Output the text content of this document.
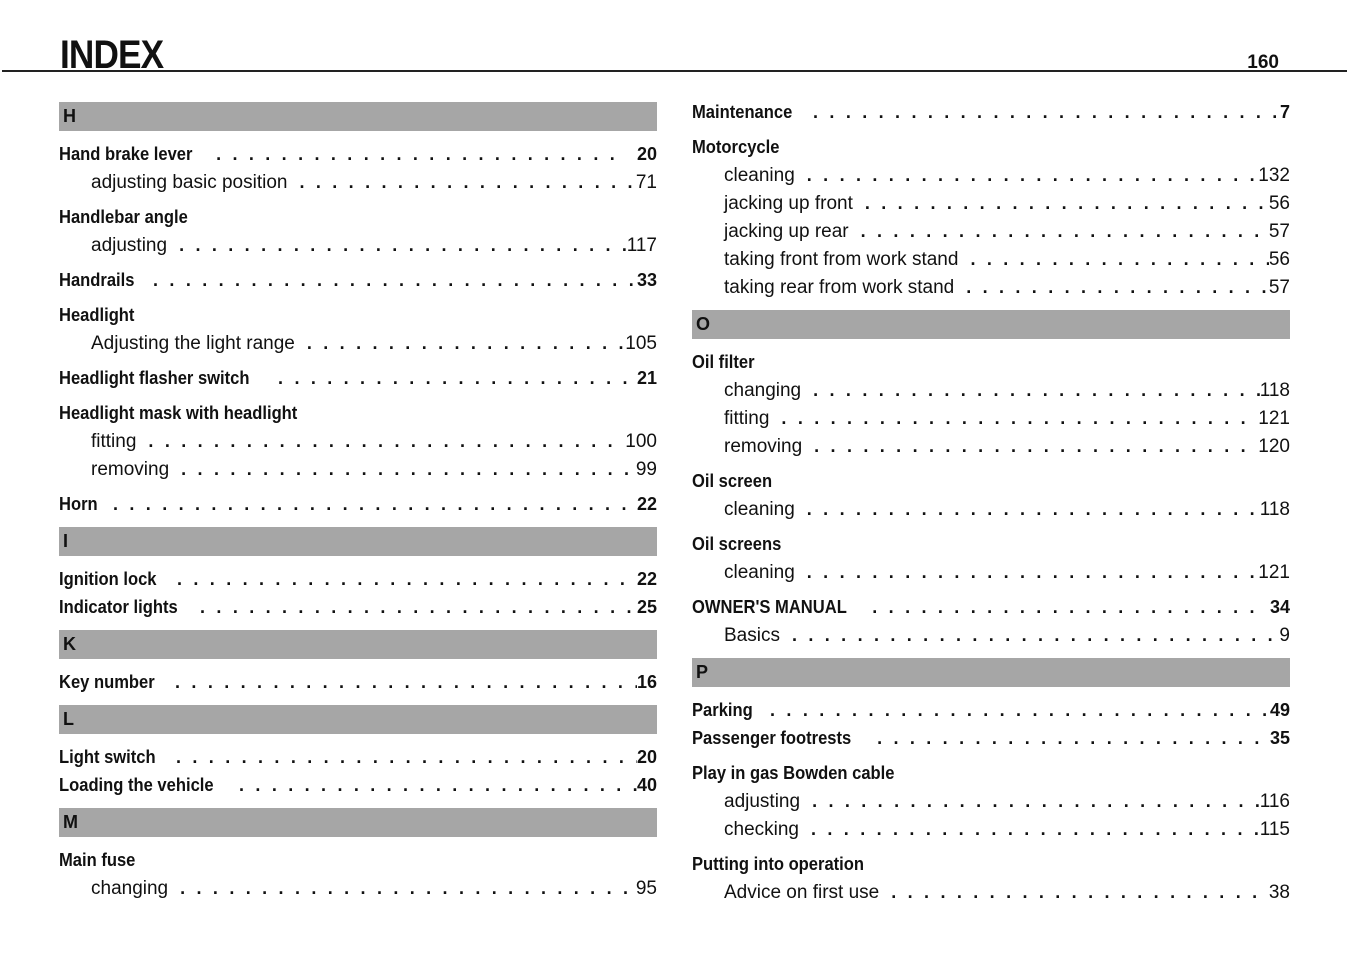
INDEX	160
H
Hand brake lever . . .	20
adjusting basic position . . .	71
Handlebar angle
adjusting . . .	117
Handrails . . .	33
Headlight
Adjusting the light range . . .	105
Headlight flasher switch . . .	21
Headlight mask with headlight
fitting . . .	100
removing . . .	99
Horn . . .	22
I
Ignition lock . . .	22
Indicator lights . . .	25
K
Key number . . .	16
L
Light switch . . .	20
Loading the vehicle . . .	40
M
Main fuse
changing . . .	95
Maintenance . . .	7
Motorcycle
cleaning . . .	132
jacking up front . . .	56
jacking up rear . . .	57
taking front from work stand . . .	56
taking rear from work stand . . .	57
O
Oil filter
changing . . .	118
fitting . . .	121
removing . . .	120
Oil screen
cleaning . . .	118
Oil screens
cleaning . . .	121
OWNER'S MANUAL . . .	34
Basics . . .	9
P
Parking . . .	49
Passenger footrests . . .	35
Play in gas Bowden cable
adjusting . . .	116
checking . . .	115
Putting into operation
Advice on first use . . .	38
